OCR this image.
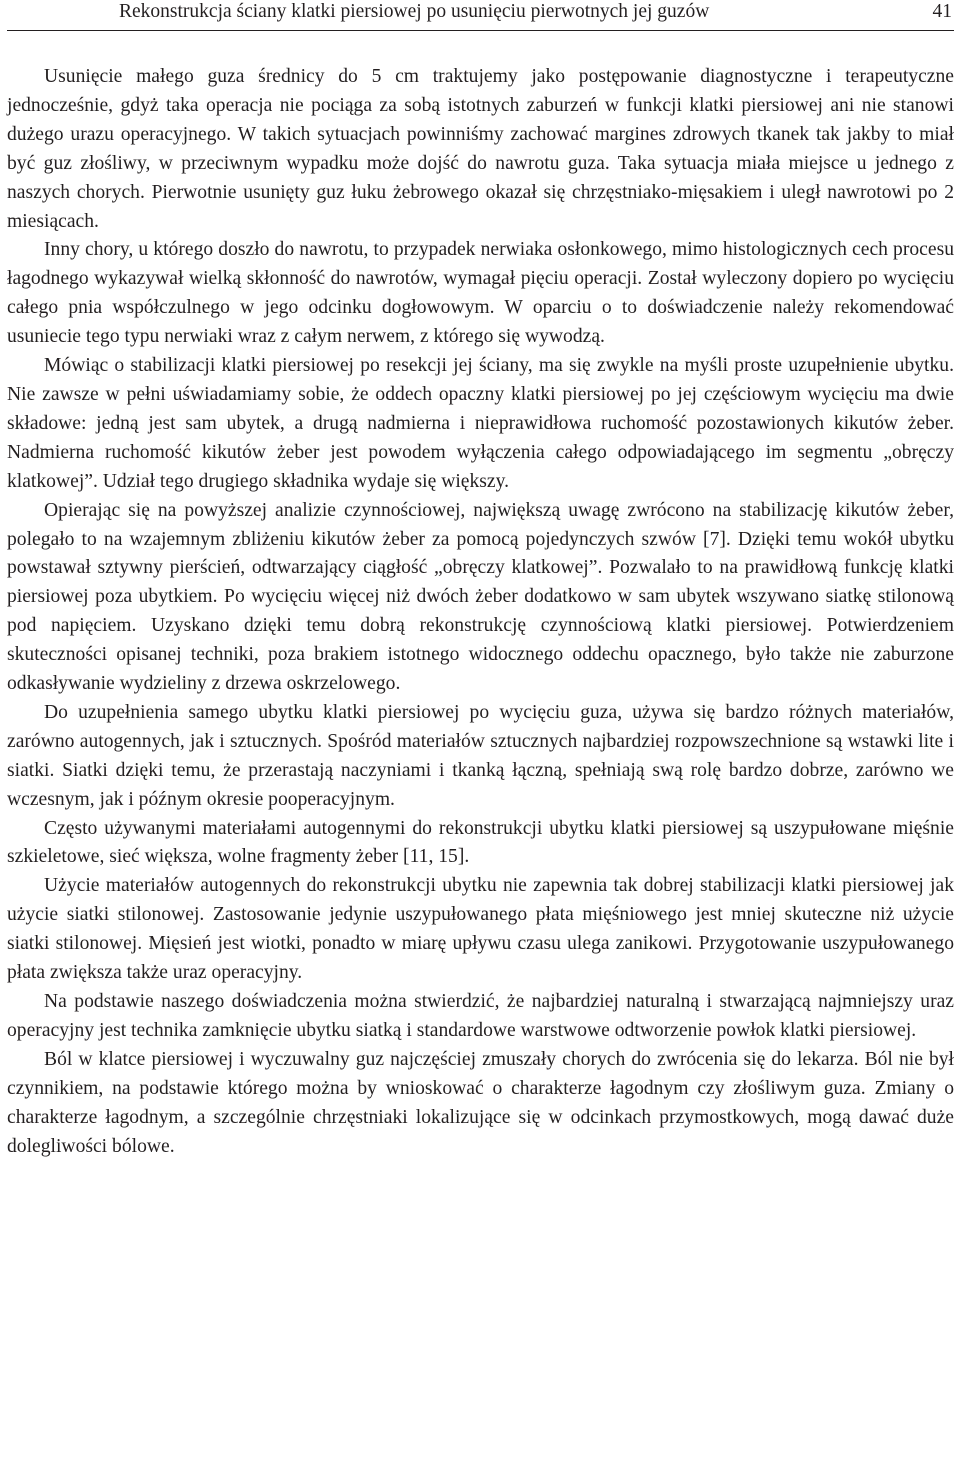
Rekonstrukcja ściany klatki piersiowej po usunięciu pierwotnych jej guzów	41

Usunięcie małego guza średnicy do 5 cm traktujemy jako postępowanie diagnostyczne i terapeutyczne jednocześnie, gdyż taka operacja nie pociąga za sobą istotnych zaburzeń w funkcji klatki piersiowej ani nie stanowi dużego urazu operacyjnego. W takich sytuacjach powinniśmy zachować margines zdrowych tkanek tak jakby to miał być guz złośliwy, w przeciwnym wypadku może dojść do nawrotu guza. Taka sytuacja miała miejsce u jednego z naszych chorych. Pierwotnie usunięty guz łuku żebrowego okazał się chrzęstniako-mięsakiem i uległ nawrotowi po 2 miesiącach.

Inny chory, u którego doszło do nawrotu, to przypadek nerwiaka osłonkowego, mimo histologicznych cech procesu łagodnego wykazywał wielką skłonność do nawrotów, wymagał pięciu operacji. Został wyleczony dopiero po wycięciu całego pnia współczulnego w jego odcinku dogłowowym. W oparciu o to doświadczenie należy rekomendować usuniecie tego typu nerwiaki wraz z całym nerwem, z którego się wywodzą.

Mówiąc o stabilizacji klatki piersiowej po resekcji jej ściany, ma się zwykle na myśli proste uzupełnienie ubytku. Nie zawsze w pełni uświadamiamy sobie, że oddech opaczny klatki piersiowej po jej częściowym wycięciu ma dwie składowe: jedną jest sam ubytek, a drugą nadmierna i nieprawidłowa ruchomość pozostawionych kikutów żeber. Nadmierna ruchomość kikutów żeber jest powodem wyłączenia całego odpowiadającego im segmentu „obręczy klatkowej”. Udział tego drugiego składnika wydaje się większy.

Opierając się na powyższej analizie czynnościowej, największą uwagę zwrócono na stabilizację kikutów żeber, polegało to na wzajemnym zbliżeniu kikutów żeber za pomocą pojedynczych szwów [7]. Dzięki temu wokół ubytku powstawał sztywny pierścień, odtwarzający ciągłość „obręczy klatkowej”. Pozwalało to na prawidłową funkcję klatki piersiowej poza ubytkiem. Po wycięciu więcej niż dwóch żeber dodatkowo w sam ubytek wszywano siatkę stilonową pod napięciem. Uzyskano dzięki temu dobrą rekonstrukcję czynnościową klatki piersiowej. Potwierdzeniem skuteczności opisanej techniki, poza brakiem istotnego widocznego oddechu opacznego, było także nie zaburzone odkasływanie wydzieliny z drzewa oskrzelowego.

Do uzupełnienia samego ubytku klatki piersiowej po wycięciu guza, używa się bardzo różnych materiałów, zarówno autogennych, jak i sztucznych. Spośród materiałów sztucznych najbardziej rozpowszechnione są wstawki lite i siatki. Siatki dzięki temu, że przerastają naczyniami i tkanką łączną, spełniają swą rolę bardzo dobrze, zarówno we wczesnym, jak i późnym okresie pooperacyjnym.

Często używanymi materiałami autogennymi do rekonstrukcji ubytku klatki piersiowej są uszypułowane mięśnie szkieletowe, sieć większa, wolne fragmenty żeber [11, 15].

Użycie materiałów autogennych do rekonstrukcji ubytku nie zapewnia tak dobrej stabilizacji klatki piersiowej jak użycie siatki stilonowej. Zastosowanie jedynie uszypułowanego płata mięśniowego jest mniej skuteczne niż użycie siatki stilonowej. Mięsień jest wiotki, ponadto w miarę upływu czasu ulega zanikowi. Przygotowanie uszypułowanego płata zwiększa także uraz operacyjny.

Na podstawie naszego doświadczenia można stwierdzić, że najbardziej naturalną i stwarzającą najmniejszy uraz operacyjny jest technika zamknięcie ubytku siatką i standardowe warstwowe odtworzenie powłok klatki piersiowej.

Ból w klatce piersiowej i wyczuwalny guz najczęściej zmuszały chorych do zwrócenia się do lekarza. Ból nie był czynnikiem, na podstawie którego można by wnioskować o charakterze łagodnym czy złośliwym guza. Zmiany o charakterze łagodnym, a szczególnie chrzęstniaki lokalizujące się w odcinkach przymostkowych, mogą dawać duże dolegliwości bólowe.
